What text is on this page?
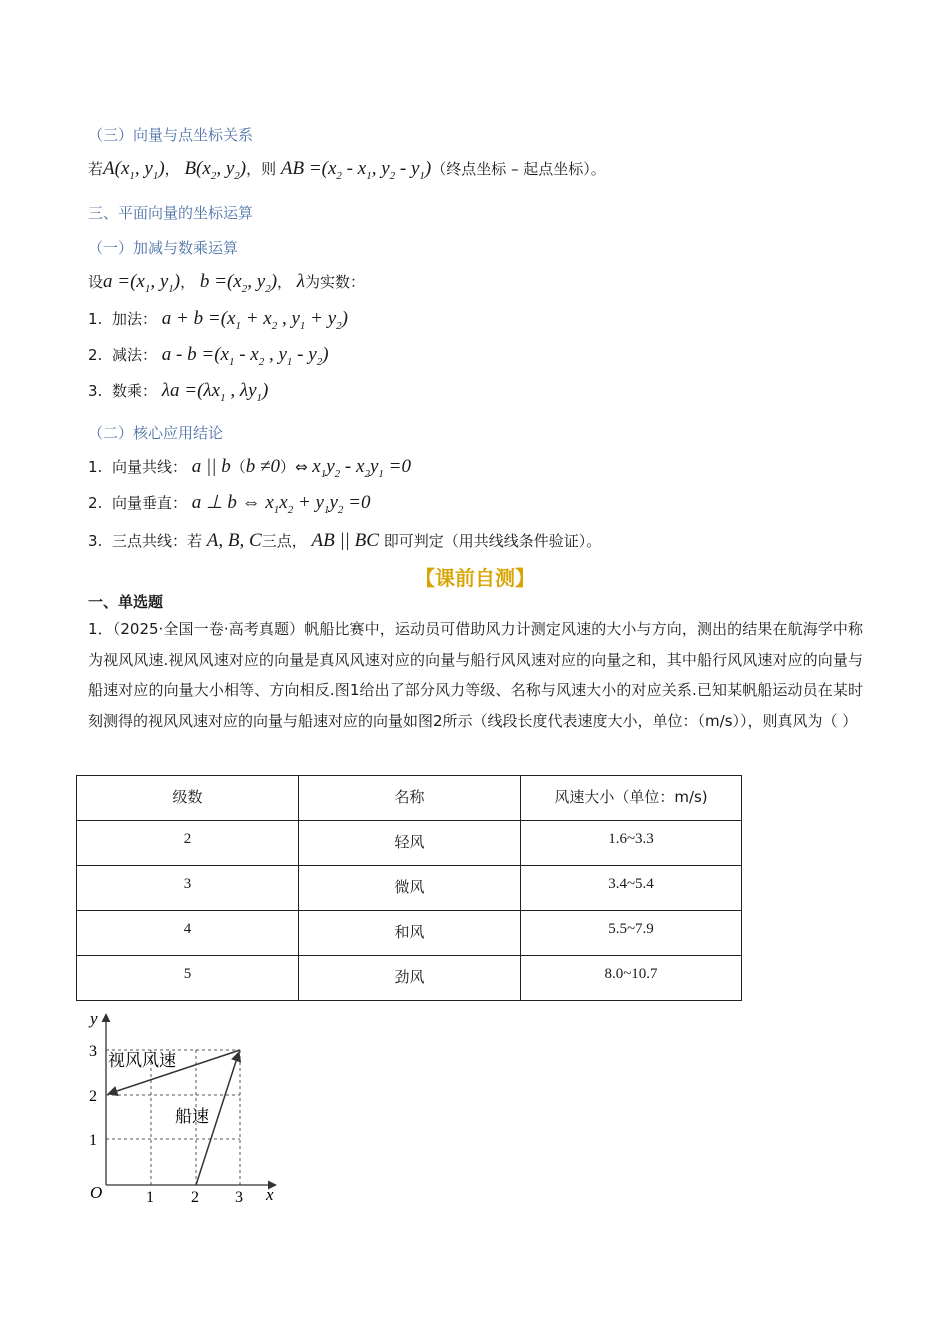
（三）向量与点坐标关系
若$A(x_1$, $y_1$)， $B(x_2$, $y_2$)，则 AB $=(x_2 - x_1$, $y_2 - y_1$)（终点坐标 – 起点坐标）。
三、平面向量的坐标运算
（一）加减与数乘运算
设$a =(x_1$, $y_1$)， $b =(x_2$, $y_2$)， λ为实数：
1. 加法： $a + b =(x_1 + x_2$ , $y_1 + y_2$)
2. 减法： $a - b =(x_1 - x_2$ , $y_1 - y_2$)
3. 数乘： $\lambda a =(\lambda x_1$ , $\lambda y_1$)
（二）核心应用结论
1. 向量共线： a || b（b ≠0）⇔ $x_1y_2 - x_2y_1 =0$
2. 向量垂直： a ⊥ b ⇔ $x_1x_2 + y_1y_2 =0$
3. 三点共线：若 A, B, C三点， AB || BC 即可判定（用共线线条件验证）。
【课前自测】
一、单选题
1．（2025·全国一卷·高考真题）帆船比赛中，运动员可借助风力计测定风速的大小与方向，测出的结果在航海学中称为视风风速.视风风速对应的向量是真风风速对应的向量与船行风风速对应的向量之和，其中船行风风速对应的向量与船速对应的向量大小相等、方向相反.图1给出了部分风力等级、名称与风速大小的对应关系.已知某帆船运动员在某时刻测得的视风风速对应的向量与船速对应的向量如图2所示（线段长度代表速度大小，单位：（m/s）），则真风为（ ）
级数	名称	风速大小（单位：m/s)
2	轻风	1.6~3.3
3	微风	3.4~5.4
4	和风	5.5~7.9
5	劲风	8.0~10.7
y
x
O	1 2 3
1
2
3 视风风速
船速
